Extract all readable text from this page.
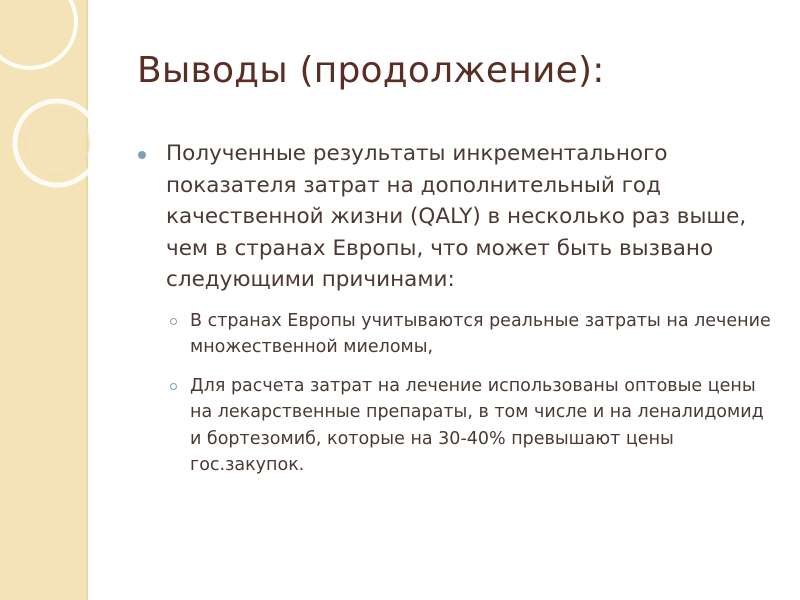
Выводы (продолжение):
Полученные результаты инкрементального показателя затрат на дополнительный год качественной жизни (QALY) в несколько раз выше, чем в странах Европы, что может быть вызвано следующими причинами:
В странах Европы учитываются реальные затраты на лечение множественной миеломы,
Для расчета затрат на лечение использованы оптовые цены на лекарственные препараты, в том числе и на леналидомид и бортезомиб, которые на 30-40% превышают цены гос.закупок.
